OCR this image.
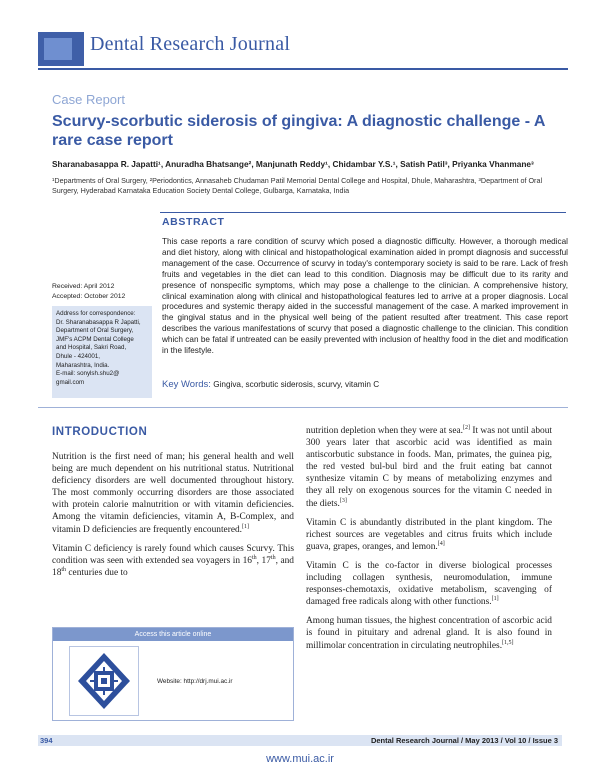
Dental Research Journal
Case Report
Scurvy-scorbutic siderosis of gingiva: A diagnostic challenge - A rare case report
Sharanabasappa R. Japatti¹, Anuradha Bhatsange², Manjunath Reddy¹, Chidambar Y.S.¹, Satish Patil³, Priyanka Vhanmane³
¹Departments of Oral Surgery, ²Periodontics, Annasaheb Chudaman Patil Memorial Dental College and Hospital, Dhule, Maharashtra, ³Department of Oral Surgery, Hyderabad Karnataka Education Society Dental College, Gulbarga, Karnataka, India
ABSTRACT
This case reports a rare condition of scurvy which posed a diagnostic difficulty. However, a thorough medical and diet history, along with clinical and histopathological examination aided in prompt diagnosis and successful management of the case. Occurrence of scurvy in today's contemporary society is said to be rare. Lack of fresh fruits and vegetables in the diet can lead to this condition. Diagnosis may be difficult due to its rarity and presence of nonspecific symptoms, which may pose a challenge to the clinician. A comprehensive history, clinical examination along with clinical and histopathological features led to arrive at a proper diagnosis. Local procedures and systemic therapy aided in the successful management of the case. A marked improvement in the gingival status and in the physical well being of the patient resulted after treatment. This case report describes the various manifestations of scurvy that posed a diagnostic challenge to the clinician. This condition which can be fatal if untreated can be easily prevented with inclusion of healthy food in the diet and modification in the lifestyle.
Key Words: Gingiva, scorbutic siderosis, scurvy, vitamin C
Received: April 2012
Accepted: October 2012
Address for correspondence:
Dr. Sharanabasappa R Japatti,
Department of Oral Surgery,
JMF's ACPM Dental College
and Hospital, Sakri Road,
Dhule - 424001,
Maharashtra, India.
E-mail: sonylsh.shu2@
gmail.com
INTRODUCTION

Nutrition is the first need of man; his general health and well being are much dependent on his nutritional status. Nutritional deficiency disorders are well documented throughout history. The most commonly occurring disorders are those associated with protein calorie malnutrition or with vitamin deficiencies. Among the vitamin deficiencies, vitamin A, B-Complex, and vitamin D deficiencies are frequently encountered.[1]

Vitamin C deficiency is rarely found which causes Scurvy. This condition was seen with extended sea voyagers in 16th, 17th, and 18th centuries due to

nutrition depletion when they were at sea.[2] It was not until about 300 years later that ascorbic acid was identified as main antiscorbutic substance in foods. Man, primates, the guinea pig, the red vested bul-bul bird and the fruit eating bat cannot synthesize vitamin C by means of metabolizing enzymes and they all rely on exogenous sources for the vitamin C needed in the diets.[3]

Vitamin C is abundantly distributed in the plant kingdom. The richest sources are vegetables and citrus fruits which include guava, grapes, oranges, and lemon.[4]

Vitamin C is the co-factor in diverse biological processes including collagen synthesis, neuromodulation, immune responses-chemotaxis, oxidative metabolism, scavenging of damaged free radicals along with other functions.[1]

Among human tissues, the highest concentration of ascorbic acid is found in pituitary and adrenal gland. It is also found in millimolar concentration in circulating neutrophiles.[1,5]

Access this article online
Website: http://drj.mui.ac.ir
394	Dental Research Journal / May 2013 / Vol 10 / Issue 3
www.mui.ac.ir
